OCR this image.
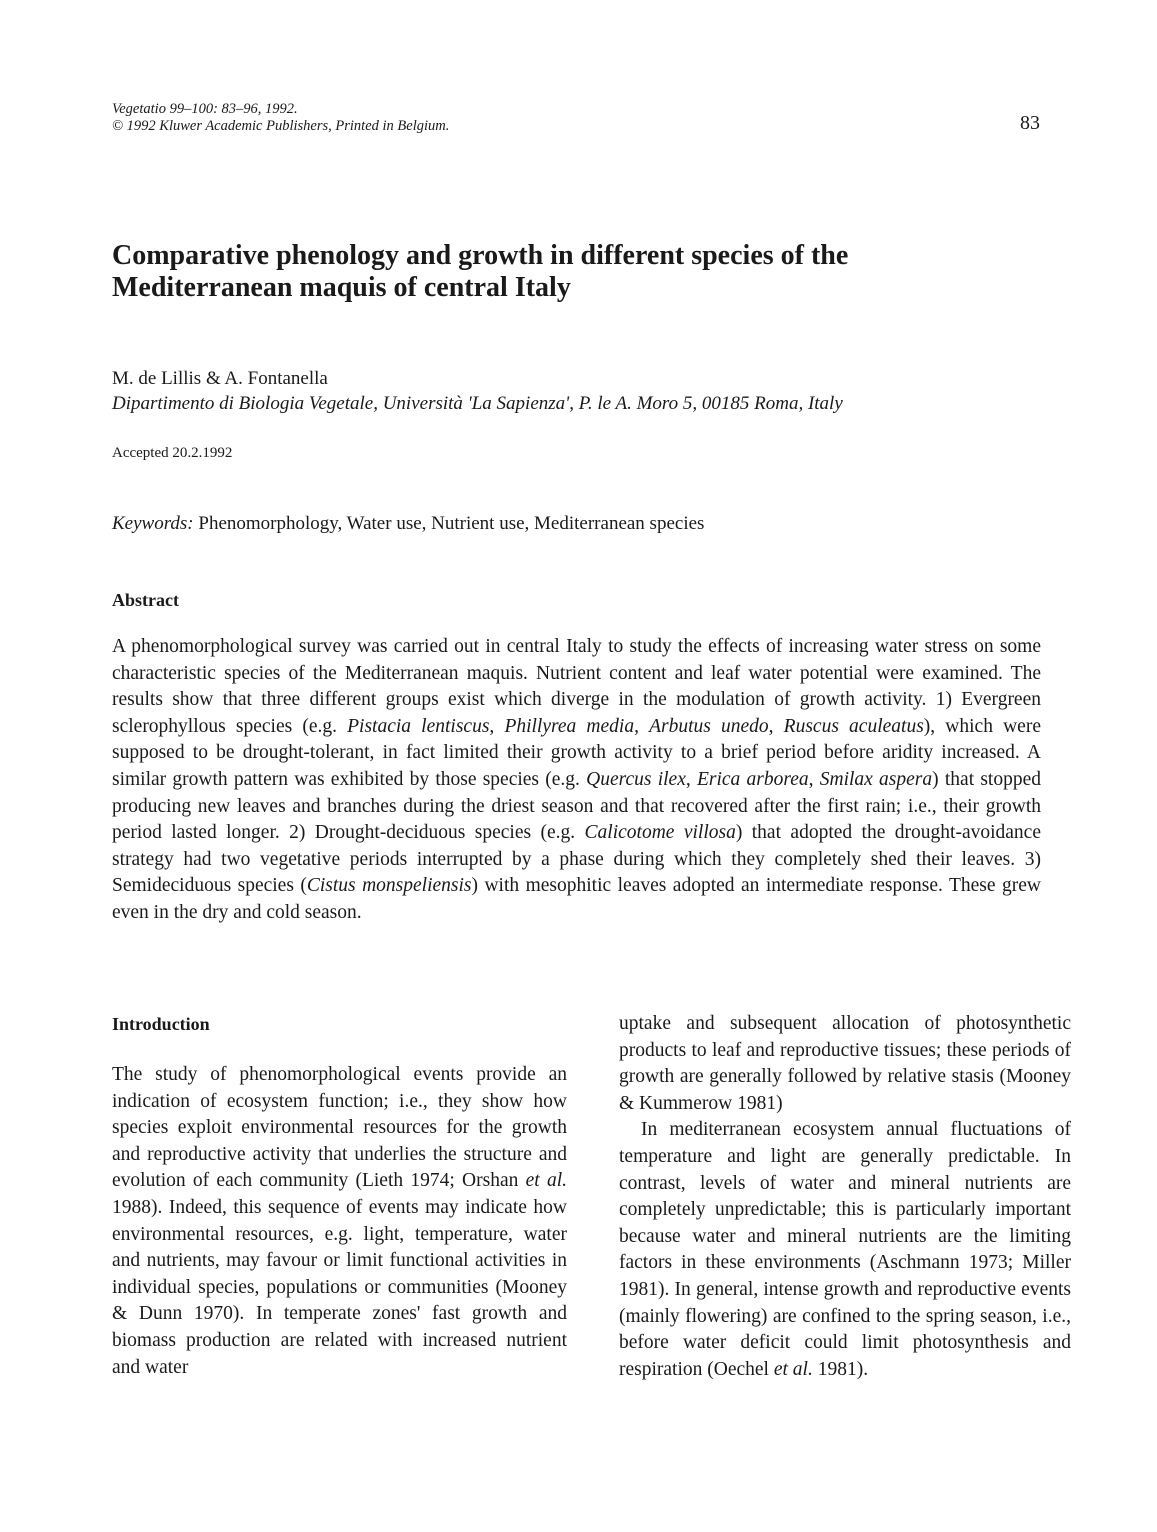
Vegetatio 99–100: 83–96, 1992.
© 1992 Kluwer Academic Publishers, Printed in Belgium.	83
Comparative phenology and growth in different species of the Mediterranean maquis of central Italy
M. de Lillis & A. Fontanella
Dipartimento di Biologia Vegetale, Università 'La Sapienza', P. le A. Moro 5, 00185 Roma, Italy
Accepted 20.2.1992
Keywords: Phenomorphology, Water use, Nutrient use, Mediterranean species
Abstract

A phenomorphological survey was carried out in central Italy to study the effects of increasing water stress on some characteristic species of the Mediterranean maquis. Nutrient content and leaf water potential were examined. The results show that three different groups exist which diverge in the modulation of growth activity. 1) Evergreen sclerophyllous species (e.g. Pistacia lentiscus, Phillyrea media, Arbutus unedo, Ruscus aculeatus), which were supposed to be drought-tolerant, in fact limited their growth activity to a brief period before aridity increased. A similar growth pattern was exhibited by those species (e.g. Quercus ilex, Erica arborea, Smilax aspera) that stopped producing new leaves and branches during the driest season and that recovered after the first rain; i.e., their growth period lasted longer. 2) Drought-deciduous species (e.g. Calicotome villosa) that adopted the drought-avoidance strategy had two vegetative periods interrupted by a phase during which they completely shed their leaves. 3) Semideciduous species (Cistus monspeliensis) with mesophitic leaves adopted an intermediate response. These grew even in the dry and cold season.

Introduction

The study of phenomorphological events provide an indication of ecosystem function; i.e., they show how species exploit environmental resources for the growth and reproductive activity that underlies the structure and evolution of each community (Lieth 1974; Orshan et al. 1988). Indeed, this sequence of events may indicate how environmental resources, e.g. light, temperature, water and nutrients, may favour or limit functional activities in individual species, populations or communities (Mooney & Dunn 1970). In temperate zones' fast growth and biomass production are related with increased nutrient and water

uptake and subsequent allocation of photosynthetic products to leaf and reproductive tissues; these periods of growth are generally followed by relative stasis (Mooney & Kummerow 1981)

In mediterranean ecosystem annual fluctuations of temperature and light are generally predictable. In contrast, levels of water and mineral nutrients are completely unpredictable; this is particularly important because water and mineral nutrients are the limiting factors in these environments (Aschmann 1973; Miller 1981). In general, intense growth and reproductive events (mainly flowering) are confined to the spring season, i.e., before water deficit could limit photosynthesis and respiration (Oechel et al. 1981).
